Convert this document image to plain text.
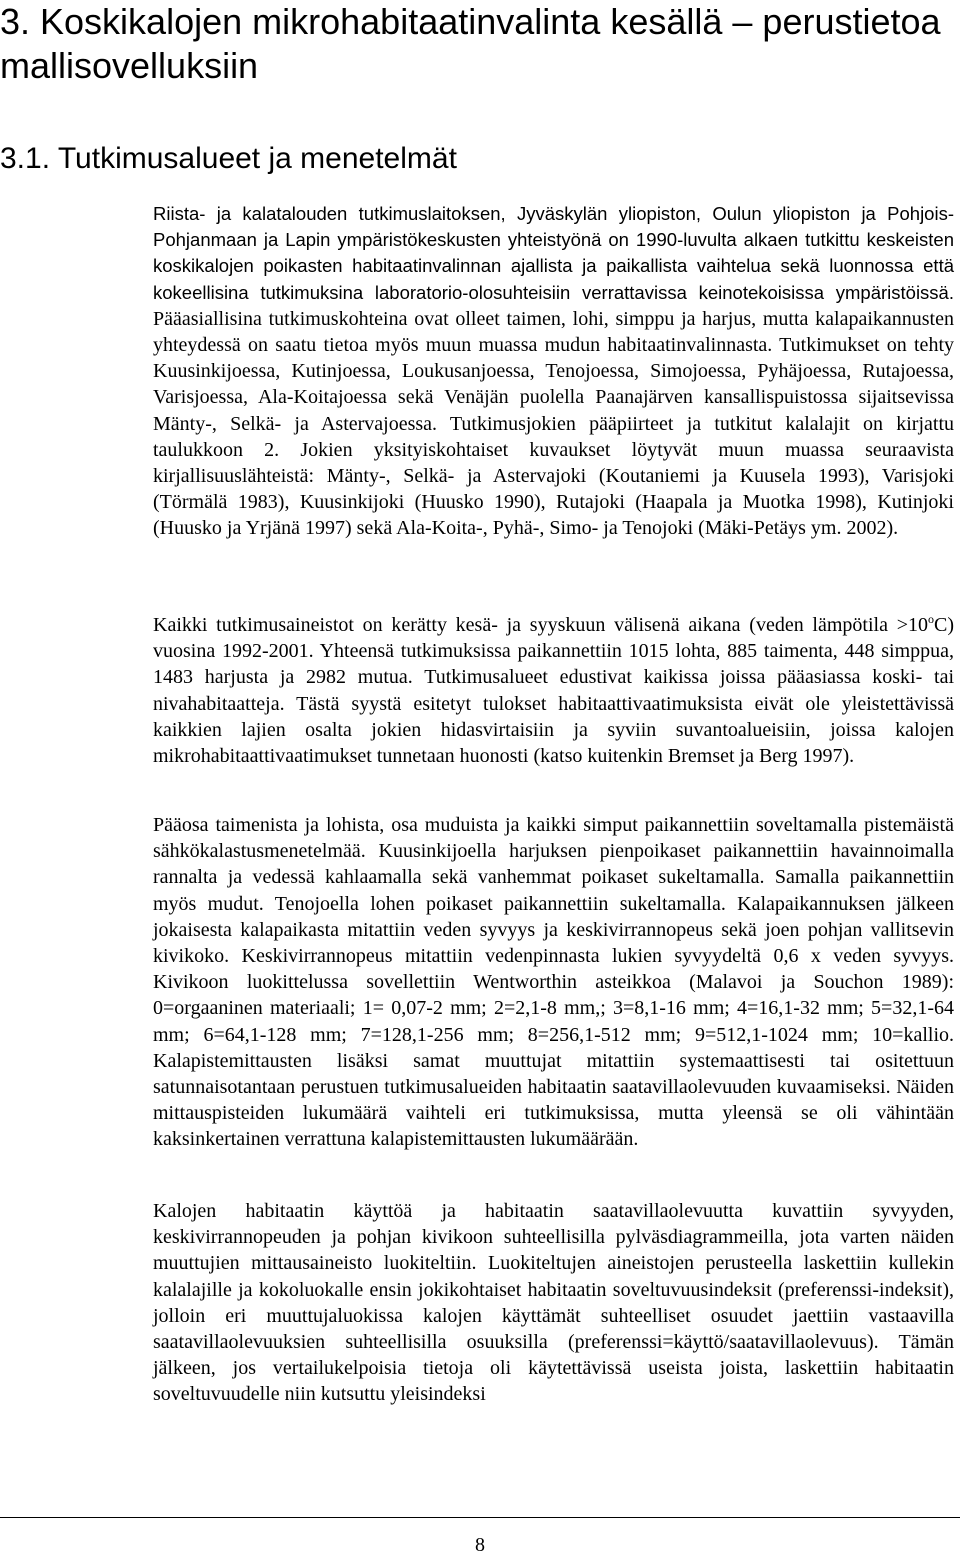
3. Koskikalojen mikrohabitaatinvalinta kesällä – perustietoa mallisovelluksiin
3.1. Tutkimusalueet ja menetelmät

Riista- ja kalatalouden tutkimuslaitoksen, Jyväskylän yliopiston, Oulun yliopiston ja Pohjois-Pohjanmaan ja Lapin ympäristökeskusten yhteistyönä on 1990-luvulta alkaen tutkittu keskeisten koskikalojen poikasten habitaatinvalinnan ajallista ja paikallista vaihtelua sekä luonnossa että kokeellisina tutkimuksina laboratorio-olosuhteisiin verrattavissa keinotekoisissa ympäristöissä. Pääasiallisina tutkimuskohteina ovat olleet taimen, lohi, simppu ja harjus, mutta kalapaikannusten yhteydessä on saatu tietoa myös muun muassa mudun habitaatinvalinnasta. Tutkimukset on tehty Kuusinkijoessa, Kutinjoessa, Loukusanjoessa, Tenojoessa, Simojoessa, Pyhäjoessa, Rutajoessa, Varisjoessa, Ala-Koitajoessa sekä Venäjän puolella Paanajärven kansallispuistossa sijaitsevissa Mänty-, Selkä- ja Astervajoessa. Tutkimusjokien pääpiirteet ja tutkitut kalalajit on kirjattu taulukkoon 2. Jokien yksityiskohtaiset kuvaukset löytyvät muun muassa seuraavista kirjallisuuslähteistä: Mänty-, Selkä- ja Astervajoki (Koutaniemi ja Kuusela 1993), Varisjoki (Törmälä 1983), Kuusinkijoki (Huusko 1990), Rutajoki (Haapala ja Muotka 1998), Kutinjoki (Huusko ja Yrjänä 1997) sekä Ala-Koita-, Pyhä-, Simo- ja Tenojoki (Mäki-Petäys ym. 2002).

Kaikki tutkimusaineistot on kerätty kesä- ja syyskuun välisenä aikana (veden lämpötila $>10^oC$) vuosina 1992-2001. Yhteensä tutkimuksissa paikannettiin 1015 lohta, 885 taimenta, 448 simppua, 1483 harjusta ja 2982 mutua. Tutkimusalueet edustivat kaikissa joissa pääasiassa koski- tai nivahabitaatteja. Tästä syystä esitetyt tulokset habitaattivaatimuksista eivät ole yleistettävissä kaikkien lajien osalta jokien hidasvirtaisiin ja syviin suvantoalueisiin, joissa kalojen mikrohabitaattivaatimukset tunnetaan huonosti (katso kuitenkin Bremset ja Berg 1997).

Pääosa taimenista ja lohista, osa muduista ja kaikki simput paikannettiin soveltamalla pistemäistä sähkökalastusmenetelmää. Kuusinkijoella harjuksen pienpoikaset paikannettiin havainnoimalla rannalta ja vedessä kahlaamalla sekä vanhemmat poikaset sukeltamalla. Samalla paikannettiin myös mudut. Tenojoella lohen poikaset paikannettiin sukeltamalla. Kalapaikannuksen jälkeen jokaisesta kalapaikasta mitattiin veden syvyys ja keskivirrannopeus sekä joen pohjan vallitsevin kivikoko. Keskivirrannopeus mitattiin vedenpinnasta lukien syvyydeltä 0,6 x veden syvyys. Kivikoon luokittelussa sovellettiin Wentworthin asteikkoa (Malavoi ja Souchon 1989): 0=orgaaninen materiaali; 1= 0,07-2 mm; 2=2,1-8 mm,; 3=8,1-16 mm; 4=16,1-32 mm; 5=32,1-64 mm; 6=64,1-128 mm; 7=128,1-256 mm; 8=256,1-512 mm; 9=512,1-1024 mm; 10=kallio. Kalapistemittausten lisäksi samat muuttujat mitattiin systemaattisesti tai ositettuun satunnaisotantaan perustuen tutkimusalueiden habitaatin saatavillaolevuuden kuvaamiseksi. Näiden mittauspisteiden lukumäärä vaihteli eri tutkimuksissa, mutta yleensä se oli vähintään kaksinkertainen verrattuna kalapistemittausten lukumäärään.

Kalojen habitaatin käyttöä ja habitaatin saatavillaolevuutta kuvattiin syvyyden, keskivirrannopeuden ja pohjan kivikoon suhteellisilla pylväsdiagrammeilla, jota varten näiden muuttujien mittausaineisto luokiteltiin. Luokiteltujen aineistojen perusteella laskettiin kullekin kalalajille ja kokoluokalle ensin jokikohtaiset habitaatin soveltuvuusindeksit (preferenssi-indeksit), jolloin eri muuttujaluokissa kalojen käyttämät suhteelliset osuudet jaettiin vastaavilla saatavillaolevuuksien suhteellisilla osuuksilla (preferenssi=käyttö/saatavillaolevuus). Tämän jälkeen, jos vertailukelpoisia tietoja oli käytettävissä useista joista, laskettiin habitaatin soveltuvuudelle niin kutsuttu yleisindeksi

8
